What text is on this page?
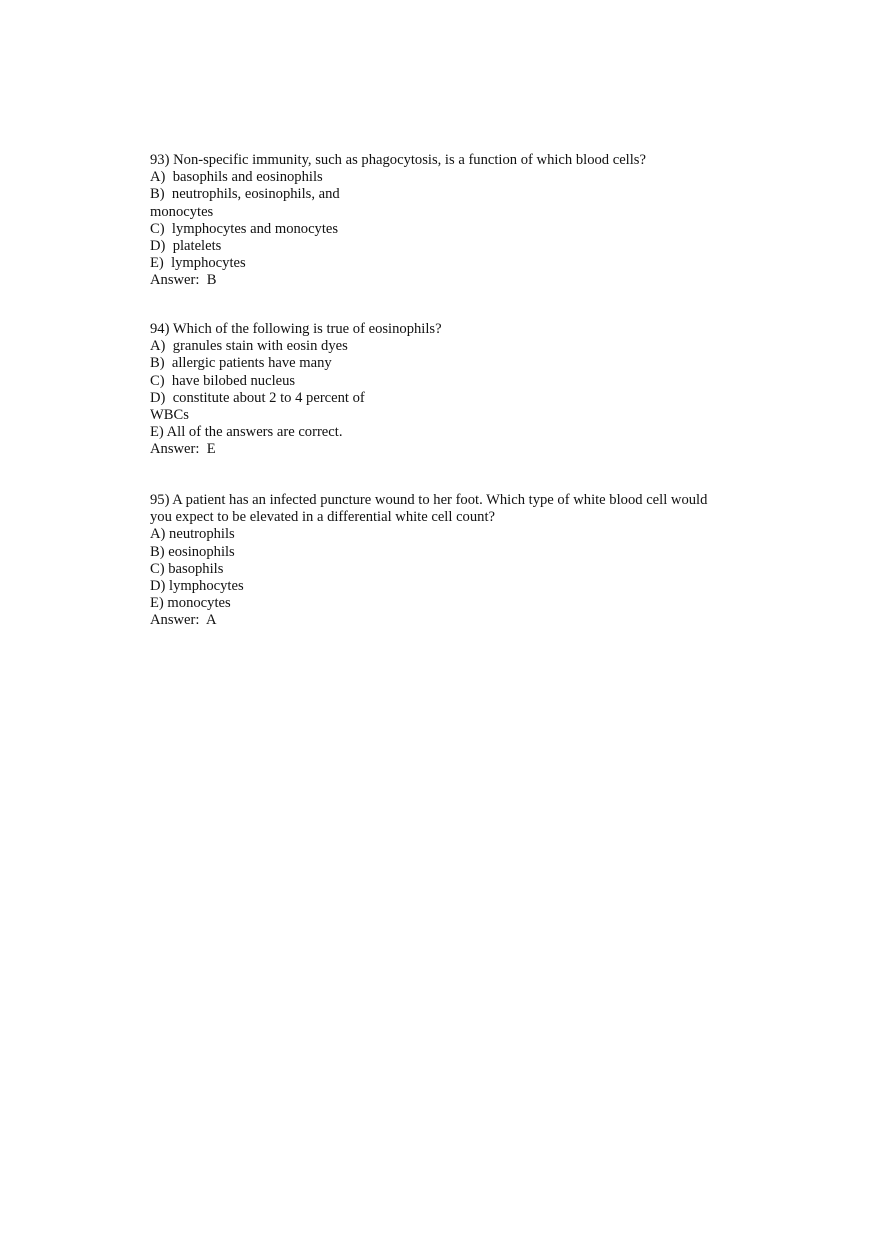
93) Non-specific immunity, such as phagocytosis, is a function of which blood cells?
A)  basophils and eosinophils
B)  neutrophils, eosinophils, and
monocytes
C)  lymphocytes and monocytes
D)  platelets
E)  lymphocytes
Answer:  B
94) Which of the following is true of eosinophils?
A)  granules stain with eosin dyes
B)  allergic patients have many
C)  have bilobed nucleus
D)  constitute about 2 to 4 percent of
WBCs
E) All of the answers are correct.
Answer:  E
95) A patient has an infected puncture wound to her foot. Which type of white blood cell would
you expect to be elevated in a differential white cell count?
A) neutrophils
B) eosinophils
C) basophils
D) lymphocytes
E) monocytes
Answer:  A
